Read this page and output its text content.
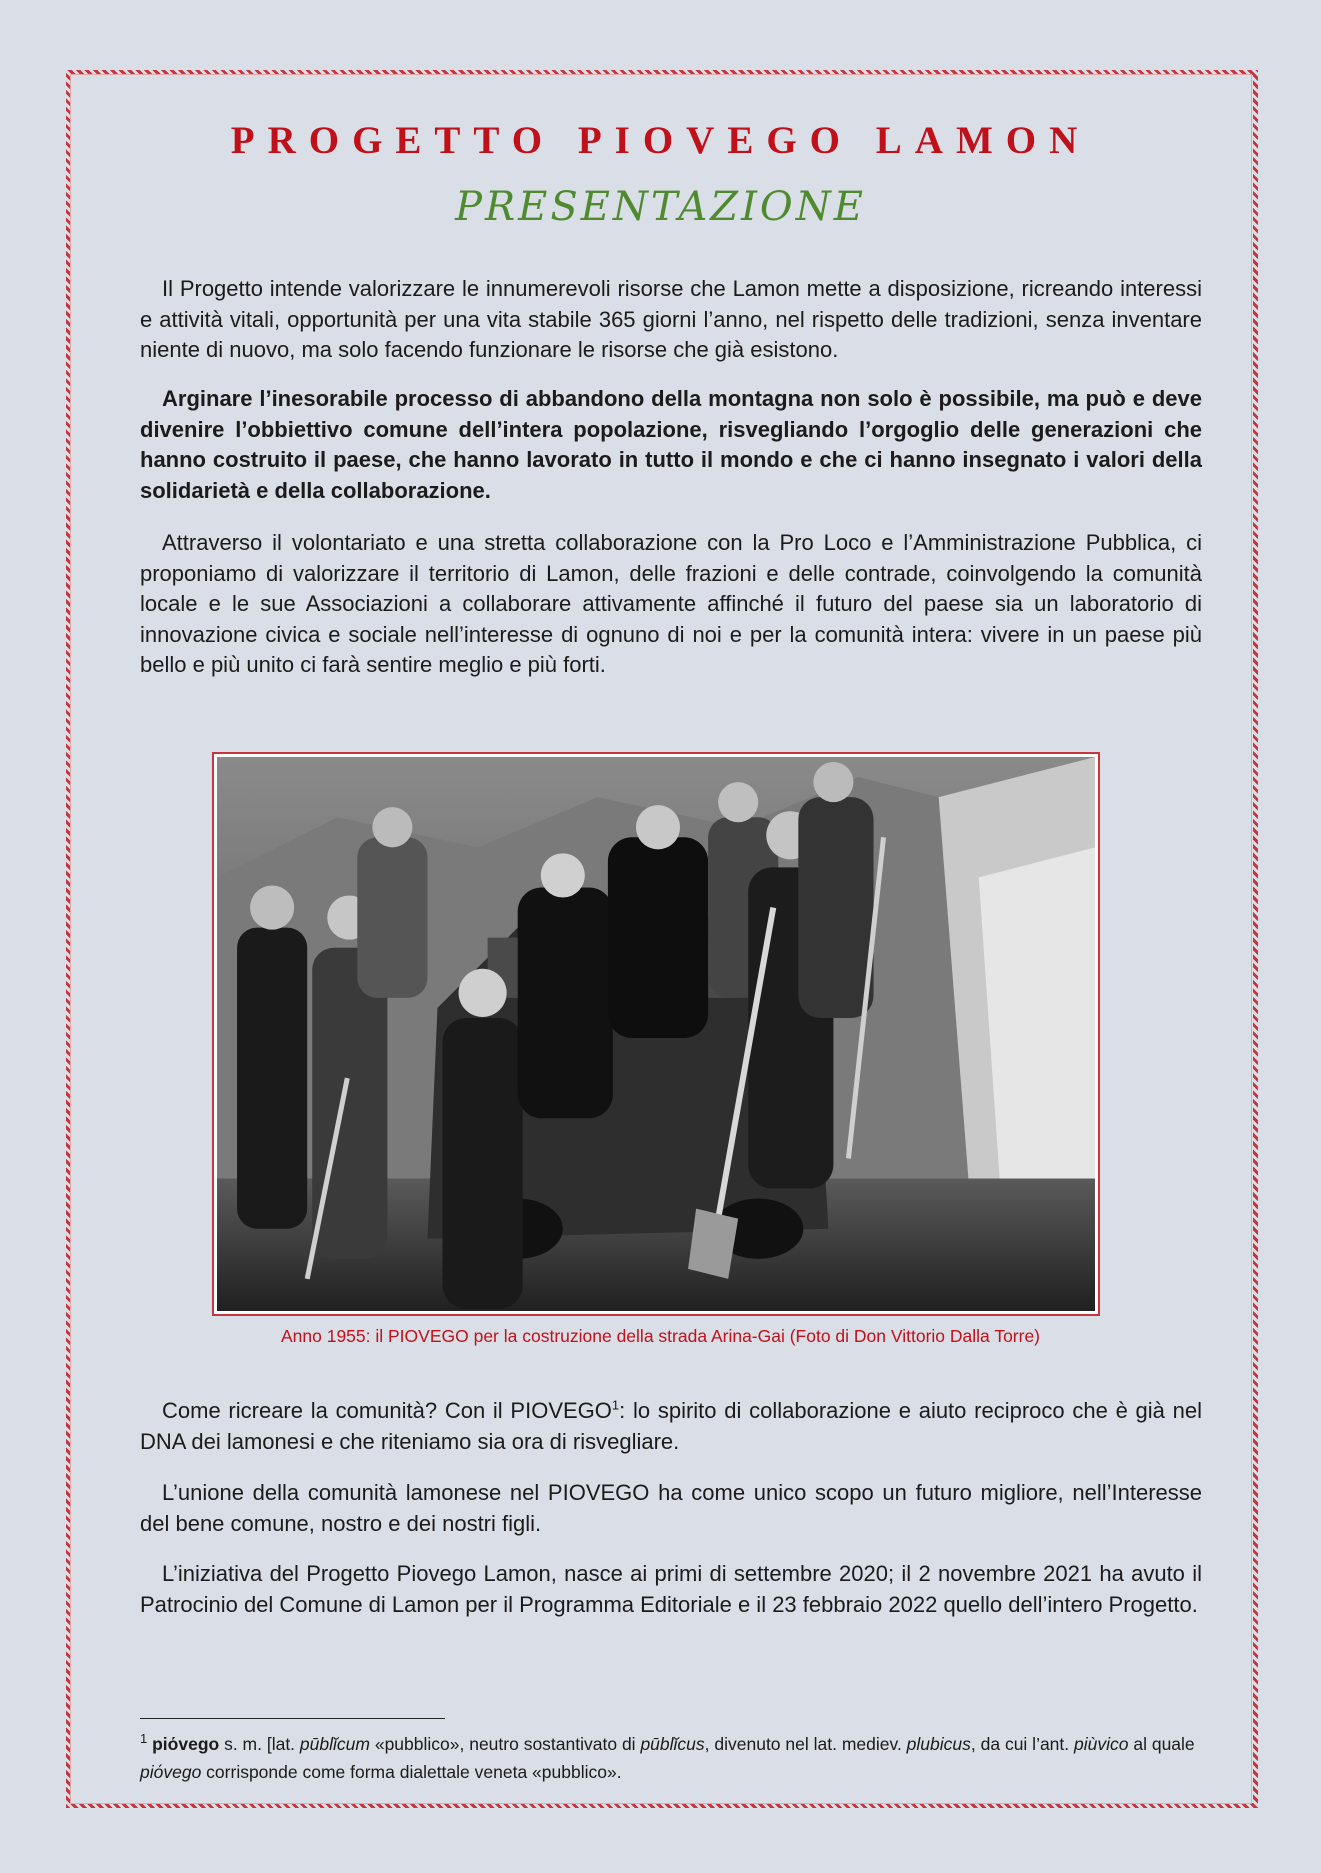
PROGETTO PIOVEGO LAMON
PRESENTAZIONE

Il Progetto intende valorizzare le innumerevoli risorse che Lamon mette a disposizione, ricreando interessi e attività vitali, opportunità per una vita stabile 365 giorni l’anno, nel rispetto delle tradizioni, senza inventare niente di nuovo, ma solo facendo funzionare le risorse che già esistono.

Arginare l’inesorabile processo di abbandono della montagna non solo è possibile, ma può e deve divenire l’obbiettivo comune dell’intera popolazione, risvegliando l’orgoglio delle generazioni che hanno costruito il paese, che hanno lavorato in tutto il mondo e che ci hanno insegnato i valori della solidarietà e della collaborazione.

Attraverso il volontariato e una stretta collaborazione con la Pro Loco e l’Amministrazione Pubblica, ci proponiamo di valorizzare il territorio di Lamon, delle frazioni e delle contrade, coinvolgendo la comunità locale e le sue Associazioni a collaborare attivamente affinché il futuro del paese sia un laboratorio di innovazione civica e sociale nell’interesse di ognuno di noi e per la comunità intera: vivere in un paese più bello e più unito ci farà sentire meglio e più forti.

Anno 1955: il PIOVEGO per la costruzione della strada Arina-Gai (Foto di Don Vittorio Dalla Torre)

Come ricreare la comunità? Con il PIOVEGO$^1$: lo spirito di collaborazione e aiuto reciproco che è già nel DNA dei lamonesi e che riteniamo sia ora di risvegliare.

L’unione della comunità lamonese nel PIOVEGO ha come unico scopo un futuro migliore, nell’Interesse del bene comune, nostro e dei nostri figli.

L’iniziativa del Progetto Piovego Lamon, nasce ai primi di settembre 2020; il 2 novembre 2021 ha avuto il Patrocinio del Comune di Lamon per il Programma Editoriale e il 23 febbraio 2022 quello dell’intero Progetto.

$^1$ piόvego s. m. [lat. pūblĭcum «pubblico», neutro sostantivato di pūblĭcus, divenuto nel lat. mediev. plubicus, da cui l’ant. piùvico al quale piόvego corrisponde come forma dialettale veneta «pubblico».
